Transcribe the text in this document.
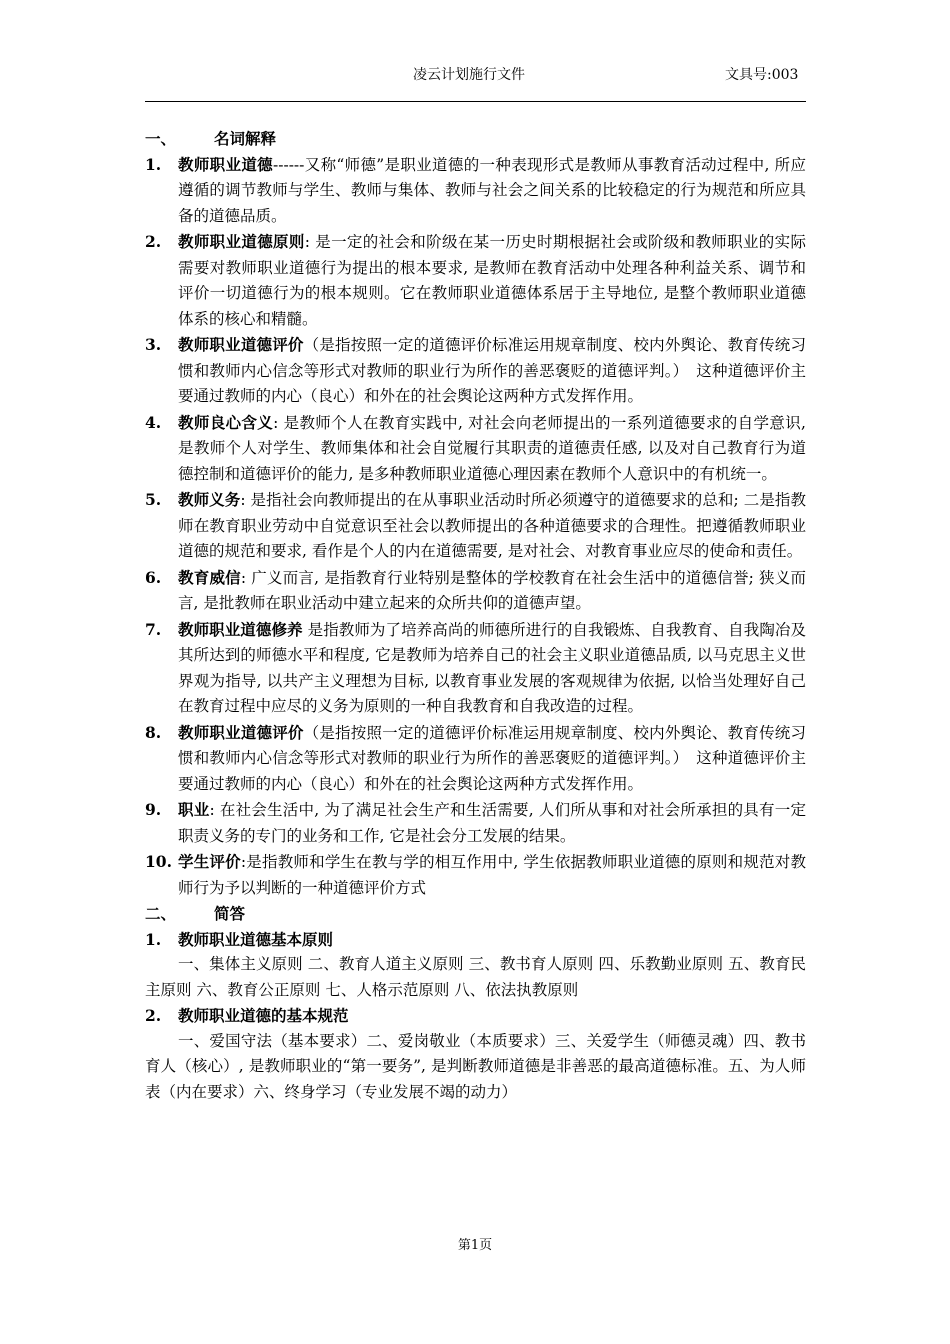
凌云计划施行文件	文具号:003
一、 名词解释
1. 教师职业道德------又称“师德”是职业道德的一种表现形式是教师从事教育活动过程中, 所应遵循的调节教师与学生、教师与集体、教师与社会之间关系的比较稳定的行为规范和所应具备的道德品质。
2. 教师职业道德原则: 是一定的社会和阶级在某一历史时期根据社会或阶级和教师职业的实际需要对教师职业道德行为提出的根本要求, 是教师在教育活动中处理各种利益关系、调节和评价一切道德行为的根本规则。它在教师职业道德体系居于主导地位, 是整个教师职业道德体系的核心和精髓。
3. 教师职业道德评价（是指按照一定的道德评价标准运用规章制度、校内外舆论、教育传统习惯和教师内心信念等形式对教师的职业行为所作的善恶褒贬的道德评判。）　这种道德评价主要通过教师的内心（良心）和外在的社会舆论这两种方式发挥作用。
4. 教师良心含义: 是教师个人在教育实践中, 对社会向老师提出的一系列道德要求的自学意识, 是教师个人对学生、教师集体和社会自觉履行其职责的道德责任感, 以及对自己教育行为道德控制和道德评价的能力, 是多种教师职业道德心理因素在教师个人意识中的有机统一。
5. 教师义务: 是指社会向教师提出的在从事职业活动时所必须遵守的道德要求的总和; 二是指教师在教育职业劳动中自觉意识至社会以教师提出的各种道德要求的合理性。把遵循教师职业道德的规范和要求, 看作是个人的内在道德需要, 是对社会、对教育事业应尽的使命和责任。
6. 教育威信: 广义而言, 是指教育行业特别是整体的学校教育在社会生活中的道德信誉; 狭义而言, 是批教师在职业活动中建立起来的众所共仰的道德声望。
7. 教师职业道德修养 是指教师为了培养高尚的师德所进行的自我锻炼、自我教育、自我陶冶及其所达到的师德水平和程度, 它是教师为培养自己的社会主义职业道德品质, 以马克思主义世界观为指导, 以共产主义理想为目标, 以教育事业发展的客观规律为依据, 以恰当处理好自己在教育过程中应尽的义务为原则的一种自我教育和自我改造的过程。
8. 教师职业道德评价（是指按照一定的道德评价标准运用规章制度、校内外舆论、教育传统习惯和教师内心信念等形式对教师的职业行为所作的善恶褒贬的道德评判。）　这种道德评价主要通过教师的内心（良心）和外在的社会舆论这两种方式发挥作用。
9. 职业: 在社会生活中, 为了满足社会生产和生活需要, 人们所从事和对社会所承担的具有一定职责义务的专门的业务和工作, 它是社会分工发展的结果。
10. 学生评价:是指教师和学生在教与学的相互作用中, 学生依据教师职业道德的原则和规范对教师行为予以判断的一种道德评价方式
二、 简答
1. 教师职业道德基本原则
一、集体主义原则 二、教育人道主义原则 三、教书育人原则 四、乐教勤业原则 五、教育民主原则 六、教育公正原则 七、人格示范原则 八、依法执教原则
2. 教师职业道德的基本规范
一、爱国守法（基本要求）二、爱岗敬业（本质要求）三、关爱学生（师德灵魂）四、教书育人（核心）, 是教师职业的“第一要务”, 是判断教师道德是非善恶的最高道德标准。五、为人师表（内在要求）六、终身学习（专业发展不竭的动力）
第1页
